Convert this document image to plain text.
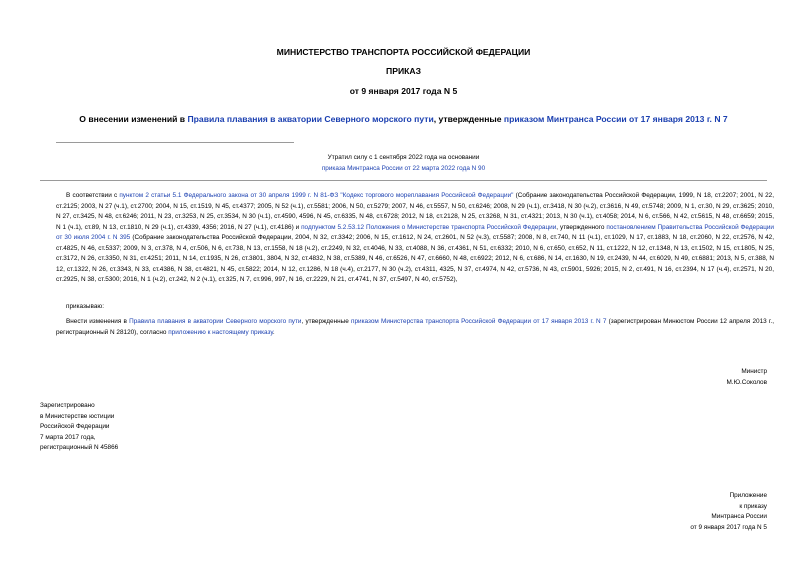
МИНИСТЕРСТВО ТРАНСПОРТА РОССИЙСКОЙ ФЕДЕРАЦИИ
ПРИКАЗ
от 9 января 2017 года N 5
О внесении изменений в Правила плавания в акватории Северного морского пути, утвержденные приказом Минтранса России от 17 января 2013 г. N 7
Утратил силу с 1 сентября 2022 года на основании
приказа Минтранса России от 22 марта 2022 года N 90
В соответствии с пунктом 2 статьи 5.1 Федерального закона от 30 апреля 1999 г. N 81-ФЗ "Кодекс торгового мореплавания Российской Федерации" (Собрание законодательства Российской Федерации, 1999, N 18, ст.2207; 2001, N 22, ст.2125; 2003, N 27 (ч.1), ст.2700; 2004, N 15, ст.1519, N 45, ст.4377; 2005, N 52 (ч.1), ст.5581; 2006, N 50, ст.5279; 2007, N 46, ст.5557, N 50, ст.6246; 2008, N 29 (ч.1), ст.3418, N 30 (ч.2), ст.3616, N 49, ст.5748; 2009, N 1, ст.30, N 29, ст.3625; 2010, N 27, ст.3425, N 48, ст.6246; 2011, N 23, ст.3253, N 25, ст.3534, N 30 (ч.1), ст.4590, 4596, N 45, ст.6335, N 48, ст.6728; 2012, N 18, ст.2128, N 25, ст.3268, N 31, ст.4321; 2013, N 30 (ч.1), ст.4058; 2014, N 6, ст.566, N 42, ст.5615, N 48, ст.6659; 2015, N 1 (ч.1), ст.89, N 13, ст.1810, N 29 (ч.1), ст.4339, 4356; 2016, N 27 (ч.1), ст.4186) и подпунктом 5.2.53.12 Положения о Министерстве транспорта Российской Федерации, утвержденного постановлением Правительства Российской Федерации от 30 июля 2004 г. N 395 (Собрание законодательства Российской Федерации, 2004, N 32, ст.3342; 2006, N 15, ст.1612, N 24, ст.2601, N 52 (ч.3), ст.5587; 2008, N 8, ст.740, N 11 (ч.1), ст.1029, N 17, ст.1883, N 18, ст.2060, N 22, ст.2576, N 42, ст.4825, N 46, ст.5337; 2009, N 3, ст.378, N 4, ст.506, N 6, ст.738, N 13, ст.1558, N 18 (ч.2), ст.2249, N 32, ст.4046, N 33, ст.4088, N 36, ст.4361, N 51, ст.6332; 2010, N 6, ст.650, ст.652, N 11, ст.1222, N 12, ст.1348, N 13, ст.1502, N 15, ст.1805, N 25, ст.3172, N 26, ст.3350, N 31, ст.4251; 2011, N 14, ст.1935, N 26, ст.3801, 3804, N 32, ст.4832, N 38, ст.5389, N 46, ст.6526, N 47, ст.6660, N 48, ст.6922; 2012, N 6, ст.686, N 14, ст.1630, N 19, ст.2439, N 44, ст.6029, N 49, ст.6881; 2013, N 5, ст.388, N 12, ст.1322, N 26, ст.3343, N 33, ст.4386, N 38, ст.4821, N 45, ст.5822; 2014, N 12, ст.1286, N 18 (ч.4), ст.2177, N 30 (ч.2), ст.4311, 4325, N 37, ст.4974, N 42, ст.5736, N 43, ст.5901, 5926; 2015, N 2, ст.491, N 16, ст.2394, N 17 (ч.4), ст.2571, N 20, ст.2925, N 38, ст.5300; 2016, N 1 (ч.2), ст.242, N 2 (ч.1), ст.325, N 7, ст.996, 997, N 16, ст.2229, N 21, ст.4741, N 37, ст.5497, N 40, ст.5752),
приказываю:
Внести изменения в Правила плавания в акватории Северного морского пути, утвержденные приказом Министерства транспорта Российской Федерации от 17 января 2013 г. N 7 (зарегистрирован Минюстом России 12 апреля 2013 г., регистрационный N 28120), согласно приложению к настоящему приказу.
Министр
М.Ю.Соколов
Зарегистрировано
в Министерстве юстиции
Российской Федерации
7 марта 2017 года,
регистрационный N 45866
Приложение
к приказу
Минтранса России
от 9 января 2017 года N 5
